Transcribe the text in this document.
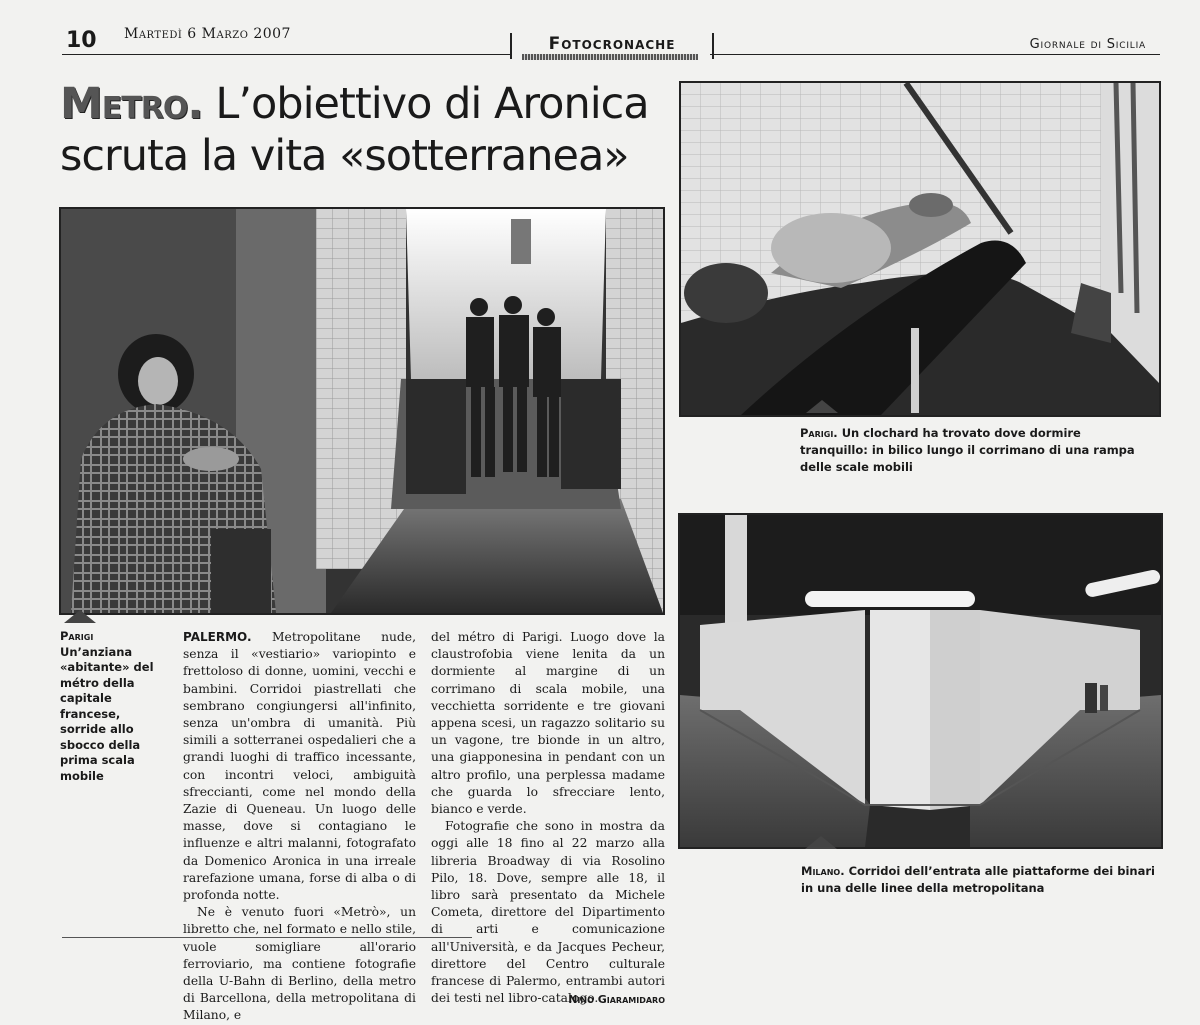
10 Martedì 6 Marzo 2007	Fotocronache	Giornale di Sicilia
Metro. L’obiettivo di Aronica
scruta la vita «sotterranea»
Parigi. Un clochard ha trovato dove dormire tranquillo: in bilico lungo il corrimano di una rampa delle scale mobili
Milano. Corridoi dell’entrata alle piattaforme dei binari in una delle linee della metropolitana
Parigi
Un’anziana «abitante» del métro della capitale francese, sorride allo sbocco della prima scala mobile

PALERMO. Metropolitane nude, senza il «vestiario» variopinto e frettoloso di donne, uomini, vecchi e bambini. Corridoi piastrellati che sembrano congiungersi all'infinito, senza un'ombra di umanità. Più simili a sotterranei ospedalieri che a grandi luoghi di traffico incessante, con incontri veloci, ambiguità sfreccianti, come nel mondo della Zazie di Queneau. Un luogo delle masse, dove si contagiano le influenze e altri malanni, fotografato da Domenico Aronica in una irreale rarefazione umana, forse di alba o di profonda notte.

Ne è venuto fuori «Metrò», un libretto che, nel formato e nello stile, vuole somigliare all'orario ferroviario, ma contiene fotografie della U-Bahn di Berlino, della metro di Barcellona, della metropolitana di Milano, e

del métro di Parigi. Luogo dove la claustrofobia viene lenita da un dormiente al margine di un corrimano di scala mobile, una vecchietta sorridente e tre giovani appena scesi, un ragazzo solitario su un vagone, tre bionde in un altro, una giapponesina in pendant con un altro profilo, una perplessa madame che guarda lo sfrecciare lento, bianco e verde.

Fotografie che sono in mostra da oggi alle 18 fino al 22 marzo alla libreria Broadway di via Rosolino Pilo, 18. Dove, sempre alle 18, il libro sarà presentato da Michele Cometa, direttore del Dipartimento di arti e comunicazione all'Università, e da Jacques Pecheur, direttore del Centro culturale francese di Palermo, entrambi autori dei testi nel libro-catalogo.

Nino Giaramidaro
